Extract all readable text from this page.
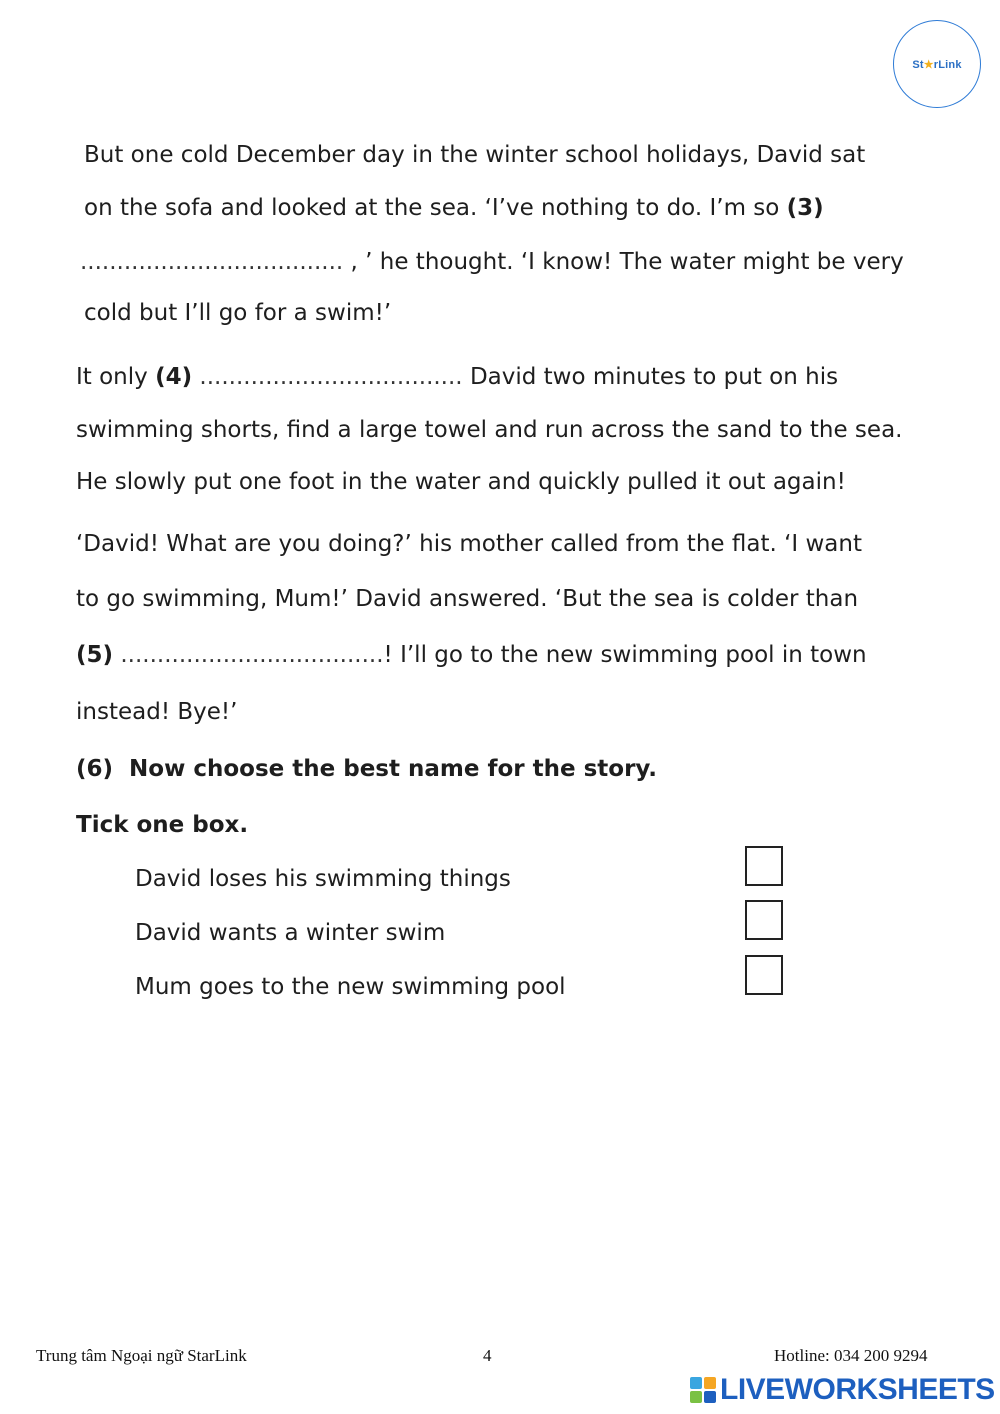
St★rLink
But one cold December day in the winter school holidays, David sat
on the sofa and looked at the sea. ‘I’ve nothing to do. I’m so (3)
.................................... , ’ he thought. ‘I know! The water might be very
cold but I’ll go for a swim!’
It only (4) .................................... David two minutes to put on his
swimming shorts, find a large towel and run across the sand to the sea.
He slowly put one foot in the water and quickly pulled it out again!
‘David! What are you doing?’ his mother called from the flat. ‘I want
to go swimming, Mum!’ David answered. ‘But the sea is colder than
(5) ....................................! I’ll go to the new swimming pool in town
instead! Bye!’
(6) Now choose the best name for the story.
Tick one box.
David loses his swimming things
David wants a winter swim
Mum goes to the new swimming pool
Trung tâm Ngoại ngữ StarLink	4	Hotline: 034 200 9294
LIVEWORKSHEETS
